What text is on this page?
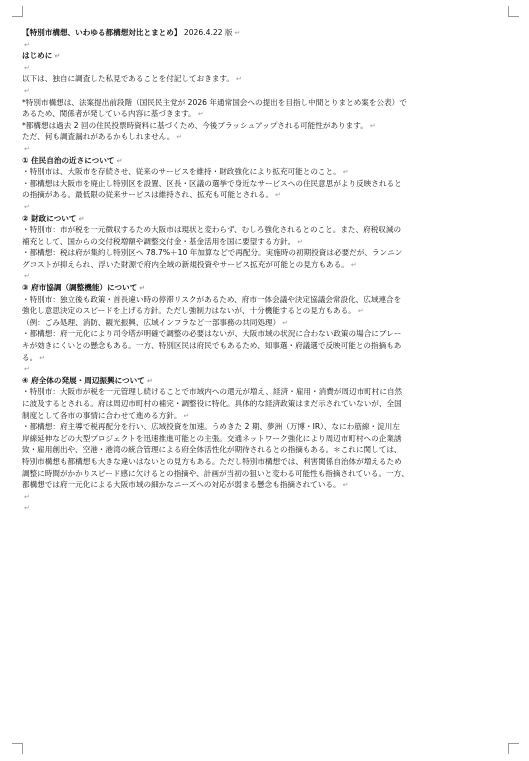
【特別市構想、いわゆる都構想対比とまとめ】 2026.4.22 版 ↵
↵
はじめに ↵
↵
以下は、独自に調査した私見であることを付記しておきます。 ↵
↵
*特別市構想は、法案提出前段階（国民民主党が 2026 年通常国会への提出を目指し中間とりまとめ案を公表）で
あるため、関係者が発している内容に基づきます。 ↵
*都構想は過去 2 回の住民投票時資料に基づくため、今後ブラッシュアップされる可能性があります。 ↵
ただ、何も調査漏れがあるかもしれません。 ↵
↵
① 住民自治の近さについて ↵
・特別市は、大阪市を存続させ、従来のサービスを維持・財政強化により拡充可能とのこと。 ↵
・都構想は大阪市を廃止し特別区を設置、区長・区議の選挙で身近なサービスへの住民意思がより反映されると
の指摘がある。最低限の従来サービスは維持され、拡充も可能とされる。 ↵
↵
② 財政について ↵
・特別市：市が税を一元徴収するため大阪市は現状と変わらず、むしろ強化されるとのこと。また、府税収減の
補充として、国からの交付税増額や調整交付金・基金活用を国に要望する方針。 ↵
・都構想：税は府が集約し特別区へ 78.7%＋10 年加算などで再配分。実施時の初期投資は必要だが、ランニン
グコストが抑えられ、浮いた財源で府内全域の新規投資やサービス拡充が可能との見方もある。 ↵
↵
③ 府市協調（調整機能）について ↵
・特別市：独立後も政策・首長違い時の停滞リスクがあるため、府市一体会議や決定協議会常設化、広域連合を
強化し意思決定のスピードを上げる方針。ただし強制力はないが、十分機能するとの見方もある。 ↵
（例：ごみ処理、消防、観光振興、広域インフラなど一部事務の共同処理） ↵
・都構想：府一元化により司令塔が明確で調整の必要はないが、大阪市域の状況に合わない政策の場合にブレー
キが効きにくいとの懸念もある。一方、特別区民は府民でもあるため、知事選・府議選で反映可能との指摘もあ
る。 ↵
↵
④ 府全体の発展・周辺振興について ↵
・特別市：大阪市が税を一元管理し続けることで市域内への還元が増え、経済・雇用・消費が周辺市町村に自然
に波及するとされる。府は周辺市町村の補完・調整役に特化。具体的な経済政策はまだ示されていないが、全国
制度として各市の事情に合わせて進める方針。 ↵
・都構想：府主導で税再配分を行い、広域投資を加速。うめきた 2 期、夢洲（万博・IR）、なにわ筋線・淀川左
岸線延伸などの大型プロジェクトを迅速推進可能との主張。交通ネットワーク強化により周辺市町村への企業誘
致・雇用創出や、空港・港湾の統合管理による府全体活性化が期待されるとの指摘もある。＊これに関しては、
特別市構想も都構想も大きな違いはないとの見方もある。ただし特別市構想では、利害関係自治体が増えるため
調整に時間がかかりスピード感に欠けるとの指摘や、計画が当初の狙いと変わる可能性も指摘されている。一方、
都構想では府一元化による大阪市域の細かなニーズへの対応が弱まる懸念も指摘されている。 ↵
↵
↵
